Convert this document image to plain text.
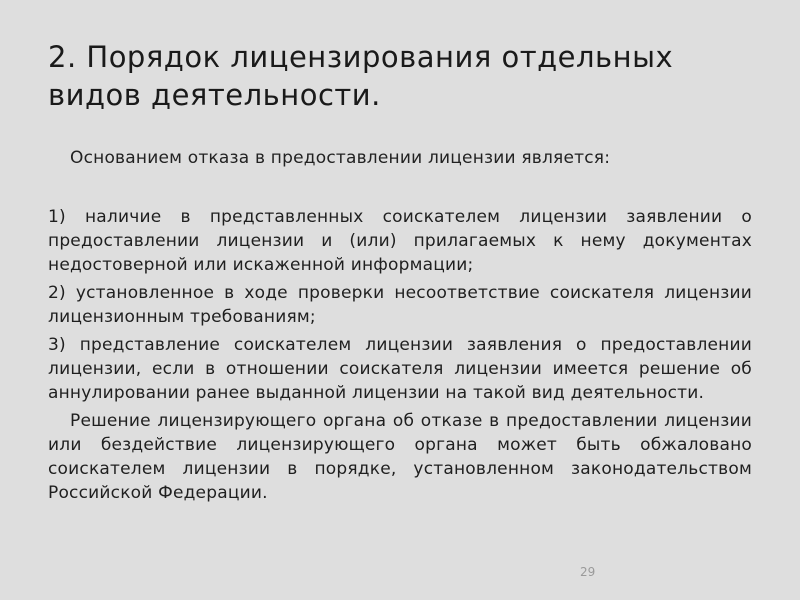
2. Порядок лицензирования отдельных видов деятельности.
Основанием отказа в предоставлении лицензии является:

1) наличие в представленных соискателем лицензии заявлении о предоставлении лицензии и (или) прилагаемых к нему документах недостоверной или искаженной информации;

2) установленное в ходе проверки несоответствие соискателя лицензии лицензионным требованиям;

3) представление соискателем лицензии заявления о предоставлении лицензии, если в отношении соискателя лицензии имеется решение об аннулировании ранее выданной лицензии на такой вид деятельности.

Решение лицензирующего органа об отказе в предоставлении лицензии или бездействие лицензирующего органа может быть обжаловано соискателем лицензии в порядке, установленном законодательством Российской Федерации.

29
